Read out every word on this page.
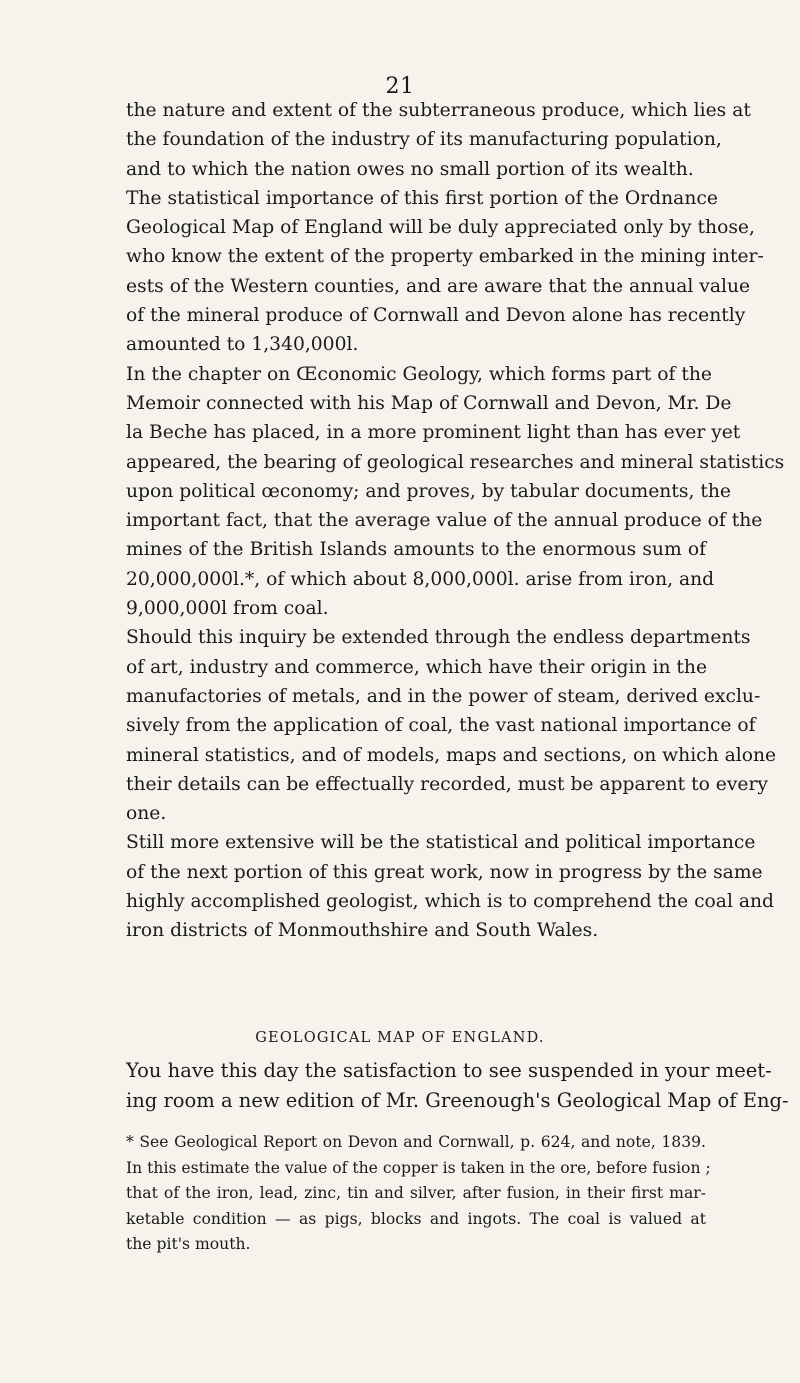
21
the nature and extent of the subterraneous produce, which lies at
the foundation of the industry of its manufacturing population,
and to which the nation owes no small portion of its wealth.
The statistical importance of this first portion of the Ordnance
Geological Map of England will be duly appreciated only by those,
who know the extent of the property embarked in the mining inter-
ests of the Western counties, and are aware that the annual value
of the mineral produce of Cornwall and Devon alone has recently
amounted to 1,340,000l.
In the chapter on Œconomic Geology, which forms part of the
Memoir connected with his Map of Cornwall and Devon, Mr. De
la Beche has placed, in a more prominent light than has ever yet
appeared, the bearing of geological researches and mineral statistics
upon political œconomy; and proves, by tabular documents, the
important fact, that the average value of the annual produce of the
mines of the British Islands amounts to the enormous sum of
20,000,000l.*, of which about 8,000,000l. arise from iron, and
9,000,000l from coal.
Should this inquiry be extended through the endless departments
of art, industry and commerce, which have their origin in the
manufactories of metals, and in the power of steam, derived exclu-
sively from the application of coal, the vast national importance of
mineral statistics, and of models, maps and sections, on which alone
their details can be effectually recorded, must be apparent to every
one.
Still more extensive will be the statistical and political importance
of the next portion of this great work, now in progress by the same
highly accomplished geologist, which is to comprehend the coal and
iron districts of Monmouthshire and South Wales.
GEOLOGICAL MAP OF ENGLAND.
You have this day the satisfaction to see suspended in your meet-
ing room a new edition of Mr. Greenough's Geological Map of Eng-
* See Geological Report on Devon and Cornwall, p. 624, and note, 1839.
In this estimate the value of the copper is taken in the ore, before fusion ;
that of the iron, lead, zinc, tin and silver, after fusion, in their first mar-
ketable condition — as pigs, blocks and ingots. The coal is valued at
the pit's mouth.
